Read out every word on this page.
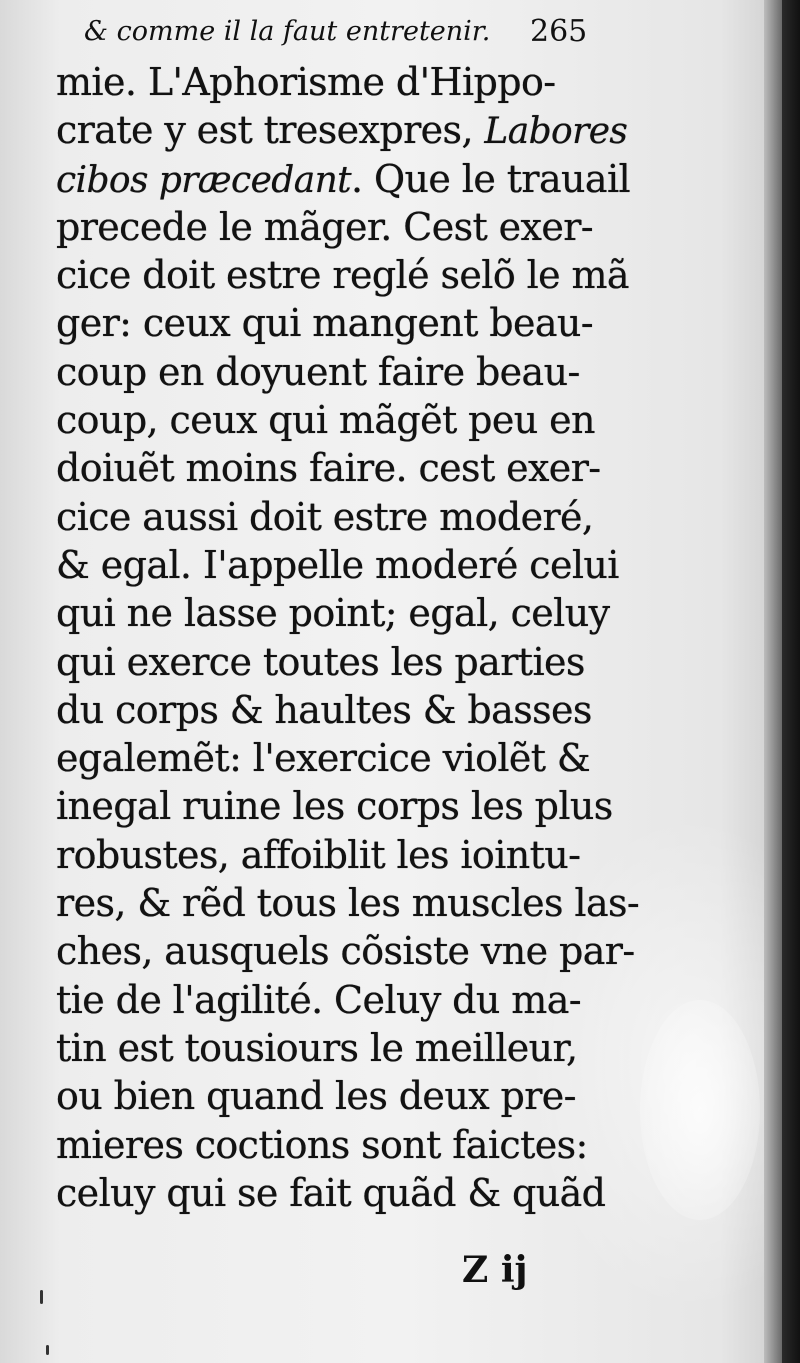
& comme il la faut entretenir. 265
mie. L'Aphorisme d'Hippo-
crate y est tresexpres, Labores
cibos præcedant. Que le trauail
precede le mãger. Cest exer-
cice doit estre reglé selõ le mã
ger: ceux qui mangent beau-
coup en doyuent faire beau-
coup, ceux qui mãgẽt peu en
doiuẽt moins faire. cest exer-
cice aussi doit estre moderé,
& egal. I'appelle moderé celui
qui ne lasse point; egal, celuy
qui exerce toutes les parties
du corps & haultes & basses
egalemẽt: l'exercice violẽt &
inegal ruine les corps les plus
robustes, affoiblit les iointu-
res, & rẽd tous les muscles las-
ches, ausquels cõsiste vne par-
tie de l'agilité. Celuy du ma-
tin est tousiours le meilleur,
ou bien quand les deux pre-
mieres coctions sont faictes:
celuy qui se fait quãd & quãd
Z ij
